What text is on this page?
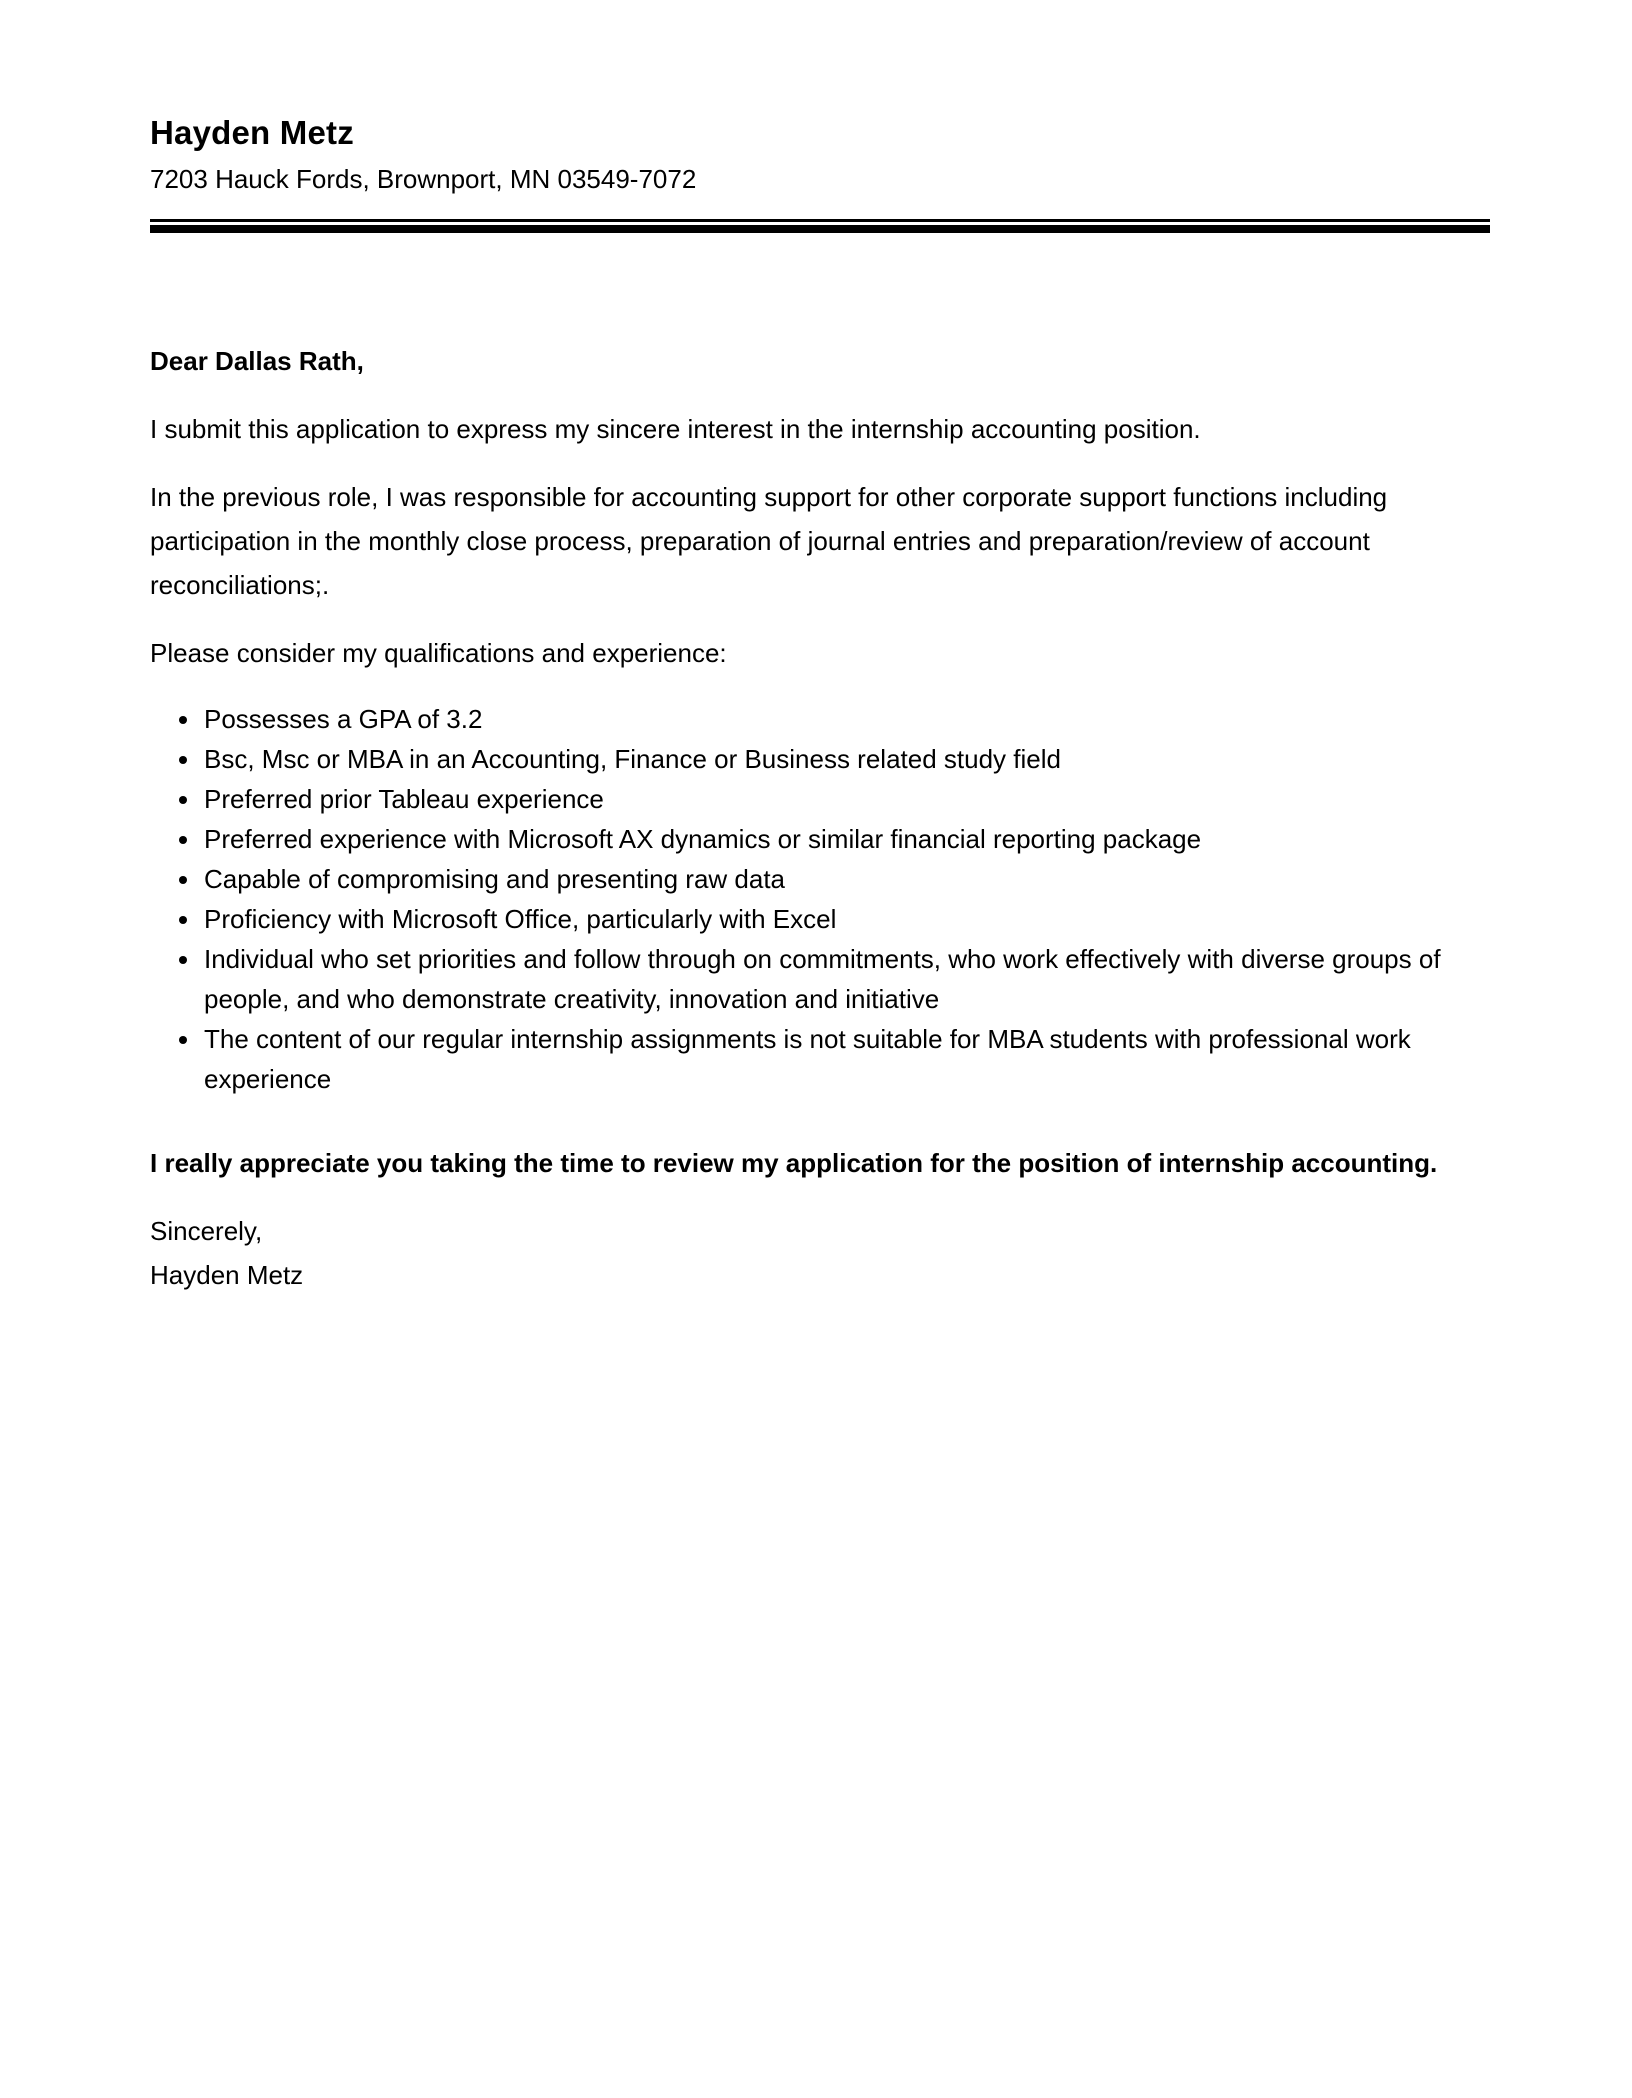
Hayden Metz
7203 Hauck Fords, Brownport, MN 03549-7072

Dear Dallas Rath,

I submit this application to express my sincere interest in the internship accounting position.

In the previous role, I was responsible for accounting support for other corporate support functions including participation in the monthly close process, preparation of journal entries and preparation/review of account reconciliations;.

Please consider my qualifications and experience:

• Possesses a GPA of 3.2
• Bsc, Msc or MBA in an Accounting, Finance or Business related study field
• Preferred prior Tableau experience
• Preferred experience with Microsoft AX dynamics or similar financial reporting package
• Capable of compromising and presenting raw data
• Proficiency with Microsoft Office, particularly with Excel
• Individual who set priorities and follow through on commitments, who work effectively with diverse groups of people, and who demonstrate creativity, innovation and initiative
• The content of our regular internship assignments is not suitable for MBA students with professional work experience

I really appreciate you taking the time to review my application for the position of internship accounting.

Sincerely,
Hayden Metz
